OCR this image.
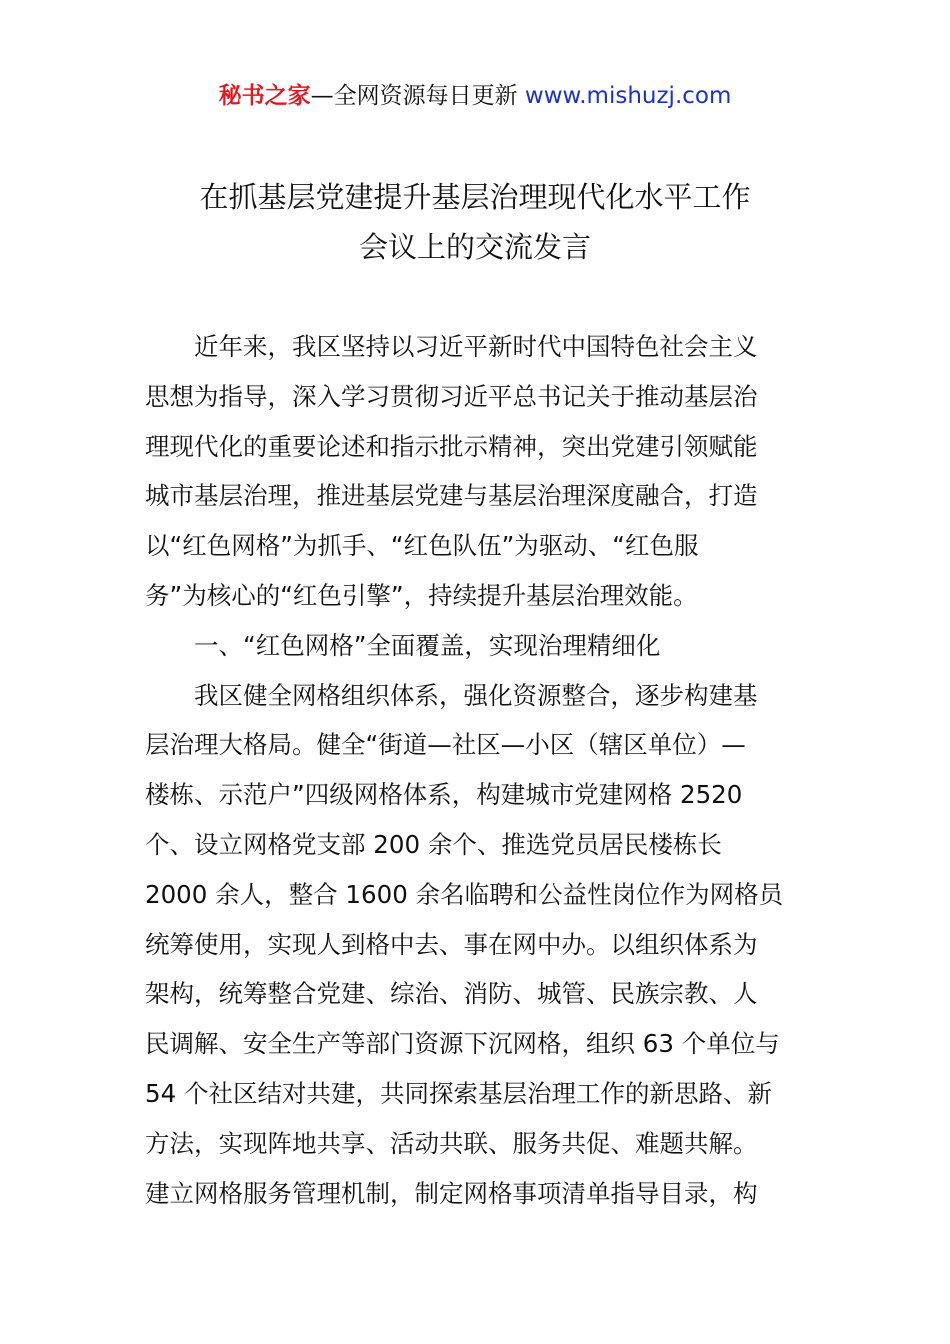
秘书之家—全网资源每日更新 www.mishuzj.com
在抓基层党建提升基层治理现代化水平工作
会议上的交流发言
近年来，我区坚持以习近平新时代中国特色社会主义
思想为指导，深入学习贯彻习近平总书记关于推动基层治
理现代化的重要论述和指示批示精神，突出党建引领赋能
城市基层治理，推进基层党建与基层治理深度融合，打造
以“红色网格”为抓手、“红色队伍”为驱动、“红色服
务”为核心的“红色引擎”，持续提升基层治理效能。
一、“红色网格”全面覆盖，实现治理精细化
我区健全网格组织体系，强化资源整合，逐步构建基
层治理大格局。健全“街道—社区—小区（辖区单位）—
楼栋、示范户”四级网格体系，构建城市党建网格 2520
个、设立网格党支部 200 余个、推选党员居民楼栋长
2000 余人，整合 1600 余名临聘和公益性岗位作为网格员
统筹使用，实现人到格中去、事在网中办。以组织体系为
架构，统筹整合党建、综治、消防、城管、民族宗教、人
民调解、安全生产等部门资源下沉网格，组织 63 个单位与
54 个社区结对共建，共同探索基层治理工作的新思路、新
方法，实现阵地共享、活动共联、服务共促、难题共解。
建立网格服务管理机制，制定网格事项清单指导目录，构
